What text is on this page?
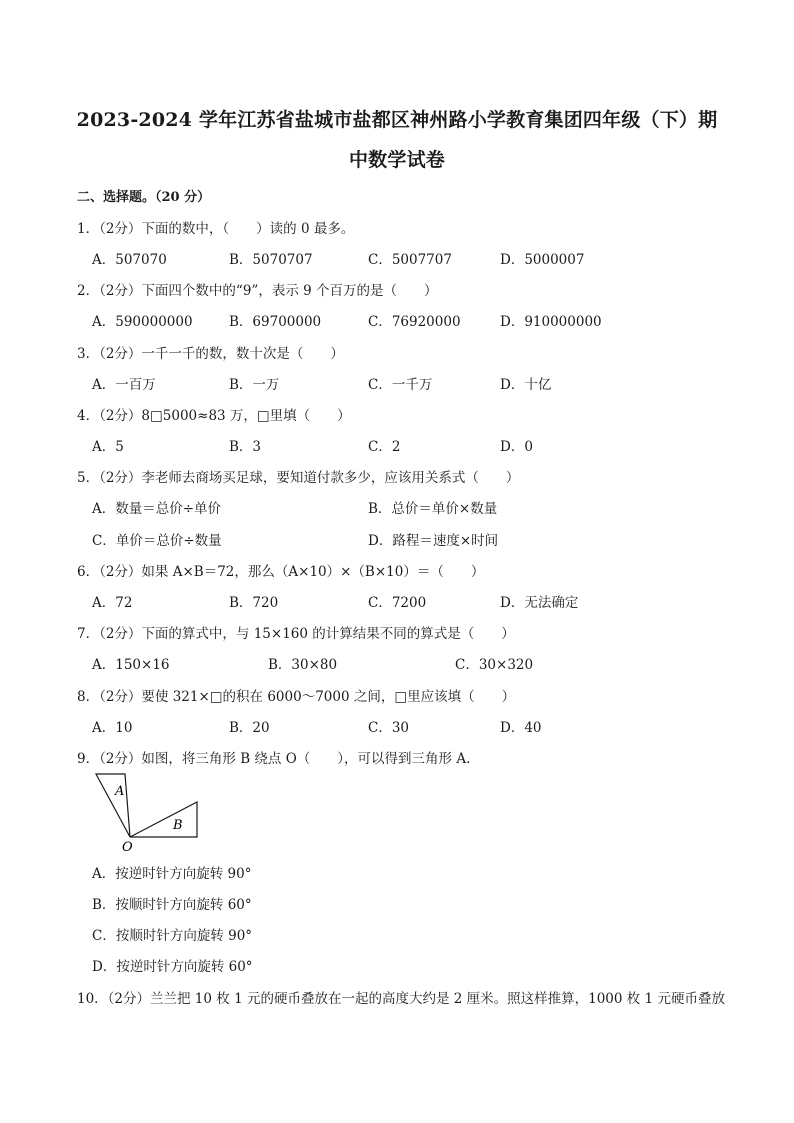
2023-2024 学年江苏省盐城市盐都区神州路小学教育集团四年级（下）期
中数学试卷
二、选择题。（20 分）
1．（2分）下面的数中，（　　）读的 0 最多。
A．507070	B．5070707	C．5007707	D．5000007
2．（2分）下面四个数中的“9”，表示 9 个百万的是（　　）
A．590000000	B．69700000	C．76920000	D．910000000
3．（2分）一千一千的数，数十次是（　　）
A．一百万	B．一万	C．一千万	D．十亿
4．（2分）8□5000≈83 万，□里填（　　）
A．5	B．3	C．2	D．0
5．（2分）李老师去商场买足球，要知道付款多少，应该用关系式（　　）
A．数量＝总价÷单价	B．总价＝单价×数量
C．单价＝总价÷数量	D．路程＝速度×时间
6．（2分）如果 A×B＝72，那么（A×10）×（B×10）＝（　　）
A．72	B．720	C．7200	D．无法确定
7．（2分）下面的算式中，与 15×160 的计算结果不同的算式是（　　）
A．150×16	B．30×80	C．30×320
8．（2分）要使 321×□的积在 6000～7000 之间，□里应该填（　　）
A．10	B．20	C．30	D．40
9．（2分）如图，将三角形 B 绕点 O（　　），可以得到三角形 A.
A
B
O
A．按逆时针方向旋转 90°
B．按顺时针方向旋转 60°
C．按顺时针方向旋转 90°
D．按逆时针方向旋转 60°
10．（2分）兰兰把 10 枚 1 元的硬币叠放在一起的高度大约是 2 厘米。照这样推算，1000 枚 1 元硬币叠放
